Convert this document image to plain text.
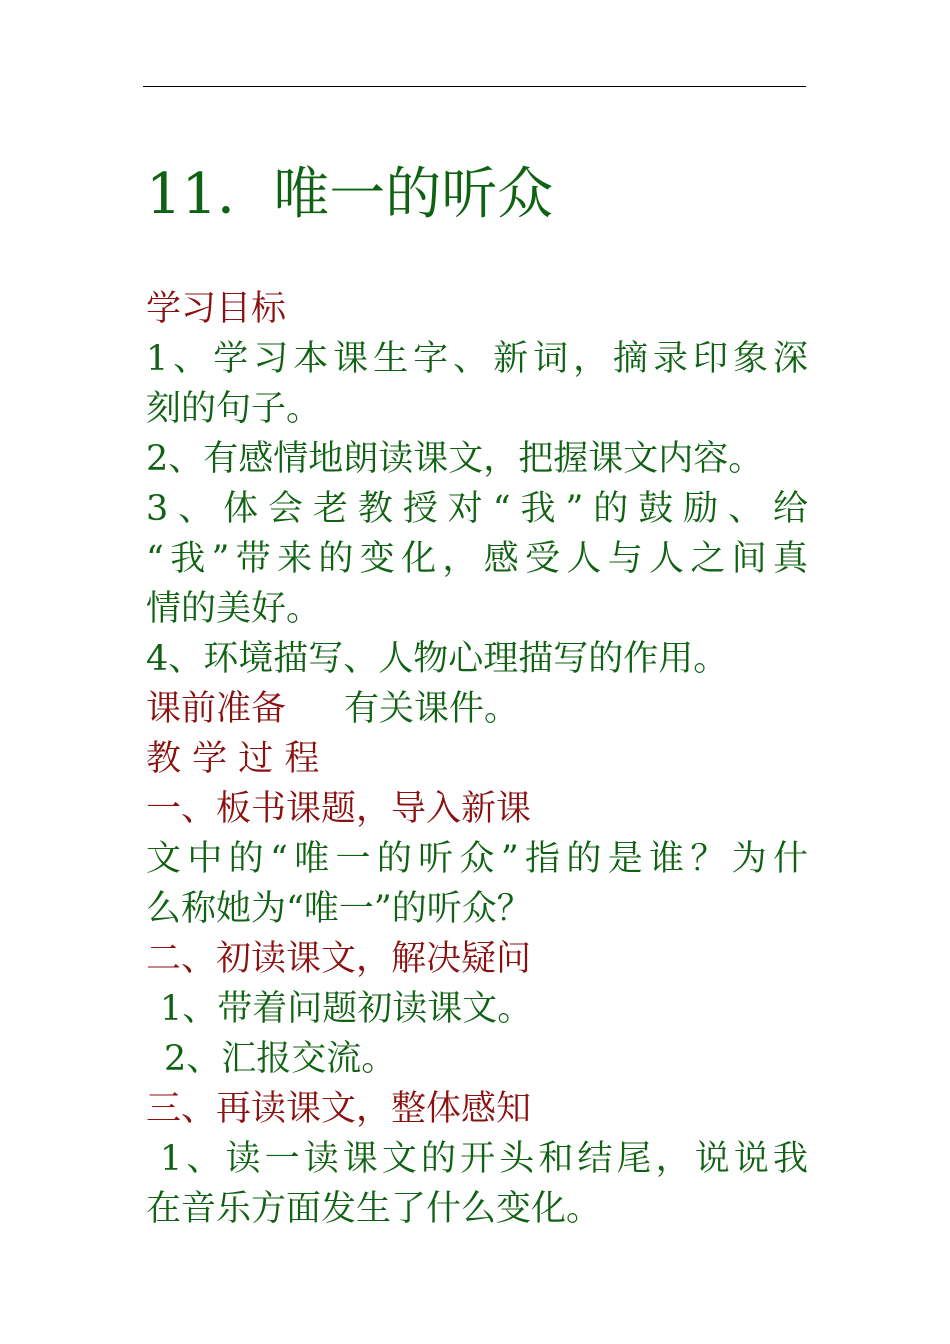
11．唯一的听众
学习目标
1、学习本课生字、新词，摘录印象深
刻的句子。
2、有感情地朗读课文，把握课文内容。
3、体会老教授对“我”的鼓励、给
“我”带来的变化，感受人与人之间真
情的美好。
4、环境描写、人物心理描写的作用。
课前准备 有关课件。
教 学 过 程
一、板书课题，导入新课
文中的“唯一的听众”指的是谁？为什
么称她为“唯一”的听众？
二、初读课文，解决疑问
1、带着问题初读课文。
2、汇报交流。
三、再读课文，整体感知
1、读一读课文的开头和结尾，说说我
在音乐方面发生了什么变化。
